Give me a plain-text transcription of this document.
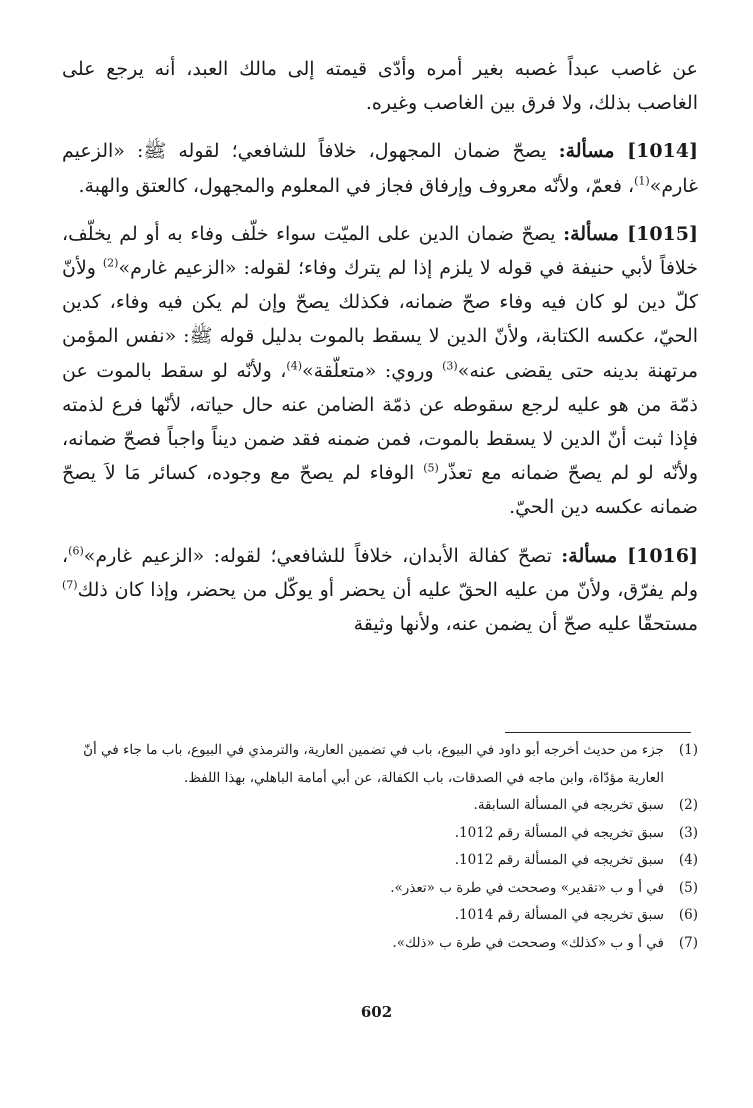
عن غاصب عبداً غصبه بغير أمره وأدّى قيمته إلى مالك العبد، أنه يرجع على الغاصب بذلك، ولا فرق بين الغاصب وغيره.

[1014] مسألة: يصحّ ضمان المجهول، خلافاً للشافعي؛ لقوله ﷺ: «الزعيم غارم»$^{(1)}$، فعمّ، ولأنّه معروف وإرفاق فجاز في المعلوم والمجهول، كالعتق والهبة.

[1015] مسألة: يصحّ ضمان الدين على الميّت سواء خلّف وفاء به أو لم يخلّف، خلافاً لأبي حنيفة في قوله لا يلزم إذا لم يترك وفاء؛ لقوله: «الزعيم غارم»$^{(2)}$ ولأنّ كلّ دين لو كان فيه وفاء صحّ ضمانه، فكذلك يصحّ وإن لم يكن فيه وفاء، كدين الحيّ، عكسه الكتابة، ولأنّ الدين لا يسقط بالموت بدليل قوله ﷺ: «نفس المؤمن مرتهنة بدينه حتى يقضى عنه»$^{(3)}$ وروي: «متعلّقة»$^{(4)}$، ولأنّه لو سقط بالموت عن ذمّة من هو عليه لرجع سقوطه عن ذمّة الضامن عنه حال حياته، لأنّها فرع لذمته فإذا ثبت أنّ الدين لا يسقط بالموت، فمن ضمنه فقد ضمن ديناً واجباً فصحّ ضمانه، ولأنّه لو لم يصحّ ضمانه مع تعذّر$^{(5)}$ الوفاء لم يصحّ مع وجوده، كسائر مَا لاَ يصحّ ضمانه عكسه دين الحيّ.

[1016] مسألة: تصحّ كفالة الأبدان، خلافاً للشافعي؛ لقوله: «الزعيم غارم»$^{(6)}$، ولم يفرّق، ولأنّ من عليه الحقّ عليه أن يحضر أو يوكّل من يحضر، وإذا كان ذلك$^{(7)}$ مستحقّا عليه صحّ أن يضمن عنه، ولأنها وثيقة

(1)
جزء من حديث أخرجه أبو داود في البيوع، باب في تضمين العارية، والترمذي في البيوع، باب ما جاء في أنّ العارية مؤدّاة، وابن ماجه في الصدقات، باب الكفالة، عن أبي أمامة الباهلي، بهذا اللفظ.
(2)
سبق تخريجه في المسألة السابقة.
(3)
سبق تخريجه في المسألة رقم 1012.
(4)
سبق تخريجه في المسألة رقم 1012.
(5)
في أ و ب «تقدير» وصححت في طرة ب «تعذر».
(6)
سبق تخريجه في المسألة رقم 1014.
(7)
في أ و ب «كذلك» وصححت في طرة ب «ذلك».
602
